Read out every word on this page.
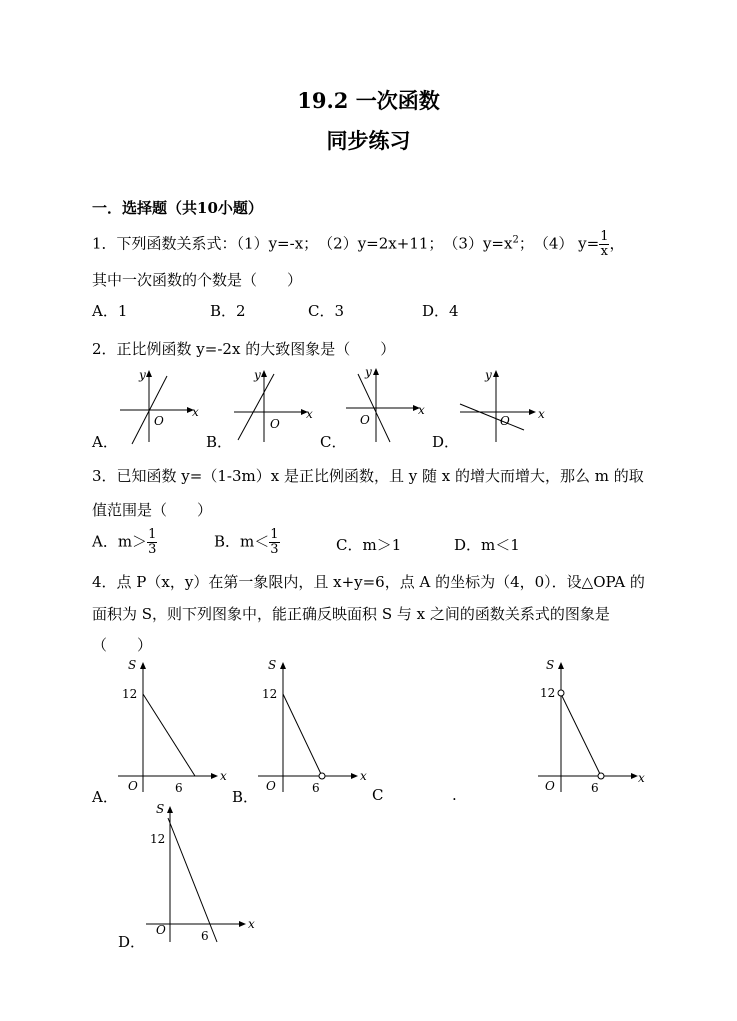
19.2 一次函数
同步练习
一．选择题（共10小题）
1．下列函数关系式：（1）y=-x；　（2）y=2x+11；　$(3)y=x^2$；　（4） $y= \frac{1}{x}$ ，
其中一次函数的个数是（　　）
A．1	B．2	C．3	D．4
2．正比例函数 y=-2x 的大致图象是（　　）
A．	B．	C．	D．
x
y
O	x
y
O
x
y
O	x
y
O
3．已知函数 y=（1-3m）x 是正比例函数，且 y 随 x 的增大而增大，那么 m 的取
值范围是（　　）
A．$m> \frac{1}{3}$	B．$m< \frac{1}{3}$	C．m＞1	D．m＜1
4．点 P（x，y）在第一象限内，且 x+y=6，点 A 的坐标为（4，0）．设△OPA 的
面积为 S，则下列图象中，能正确反映面积 S 与 x 之间的函数关系式的图象是
（　　）
A．	B．	C	.
D．
S
x
12
O	6
S
x
12
O	6
S
x
12
O	6
S
x
12
O	6
